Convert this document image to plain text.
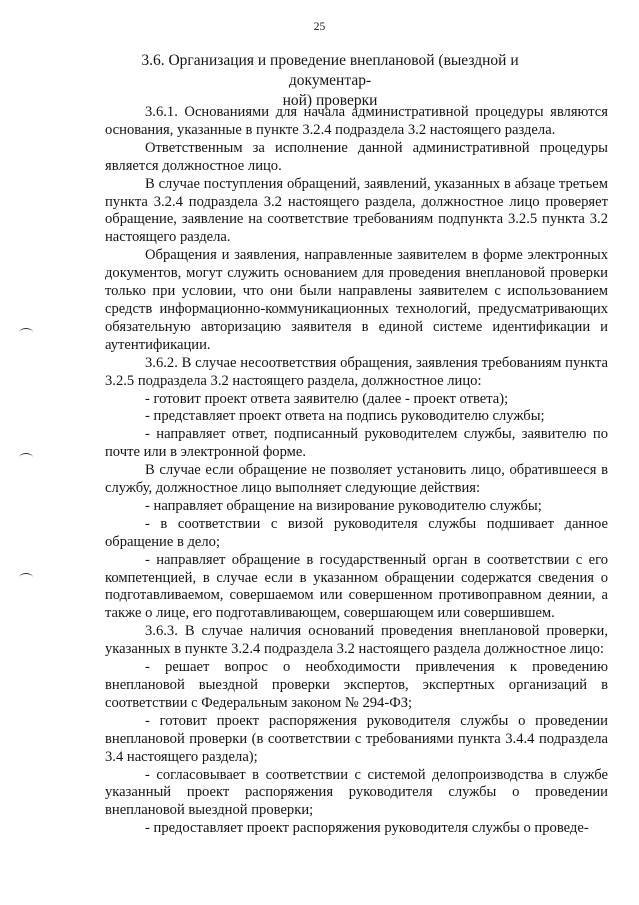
25
3.6. Организация и проведение внеплановой (выездной и документар-
ной) проверки

3.6.1. Основаниями для начала административной процедуры являются основания, указанные в пункте 3.2.4 подраздела 3.2 настоящего раздела.

Ответственным за исполнение данной административной процедуры является должностное лицо.

В случае поступления обращений, заявлений, указанных в абзаце третьем пункта 3.2.4 подраздела 3.2 настоящего раздела, должностное лицо проверяет обращение, заявление на соответствие требованиям подпункта 3.2.5 пункта 3.2 настоящего раздела.

Обращения и заявления, направленные заявителем в форме электронных документов, могут служить основанием для проведения внеплановой проверки только при условии, что они были направлены заявителем с использованием средств информационно-коммуникационных технологий, предусматривающих обязательную авторизацию заявителя в единой системе идентификации и аутентификации.

3.6.2. В случае несоответствия обращения, заявления требованиям пункта 3.2.5 подраздела 3.2 настоящего раздела, должностное лицо:

- готовит проект ответа заявителю (далее - проект ответа);

- представляет проект ответа на подпись руководителю службы;

- направляет ответ, подписанный руководителем службы, заявителю по почте или в электронной форме.

В случае если обращение не позволяет установить лицо, обратившееся в службу, должностное лицо выполняет следующие действия:

- направляет обращение на визирование руководителю службы;

- в соответствии с визой руководителя службы подшивает данное обращение в дело;

- направляет обращение в государственный орган в соответствии с его компетенцией, в случае если в указанном обращении содержатся сведения о подготавливаемом, совершаемом или совершенном противоправном деянии, а также о лице, его подготавливающем, совершающем или совершившем.

3.6.3. В случае наличия оснований проведения внеплановой проверки, указанных в пункте 3.2.4 подраздела 3.2 настоящего раздела должностное лицо:

- решает вопрос о необходимости привлечения к проведению внеплановой выездной проверки экспертов, экспертных организаций в соответствии с Федеральным законом № 294-ФЗ;

- готовит проект распоряжения руководителя службы о проведении внеплановой проверки (в соответствии с требованиями пункта 3.4.4 подраздела 3.4 настоящего раздела);

- согласовывает в соответствии с системой делопроизводства в службе указанный проект распоряжения руководителя службы о проведении внеплановой выездной проверки;

- предоставляет проект распоряжения руководителя службы о проведе-
